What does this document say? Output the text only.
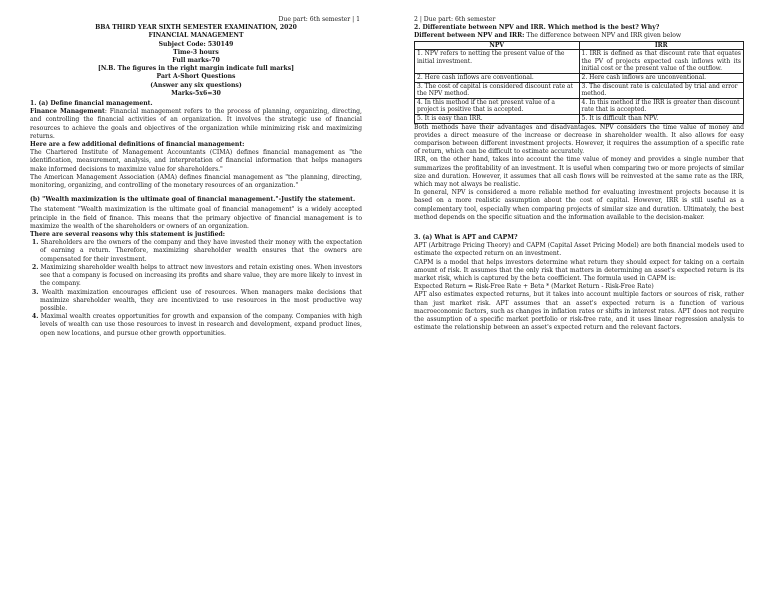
Due part: 6th semester | 1

BBA THIRD YEAR SIXTH SEMESTER EXAMINATION, 2020

FINANCIAL MANAGEMENT

Subject Code: 530149

Time-3 hours

Full marks-70

[N.B. The figures in the right margin indicate full marks]

Part A-Short Questions

(Answer any six questions)

Marks-5x6=30

1. (a) Define financial management.

Finance Management: Financial management refers to the process of planning, organizing, directing, and controlling the financial activities of an organization. It involves the strategic use of financial resources to achieve the goals and objectives of the organization while minimizing risk and maximizing returns.

Here are a few additional definitions of financial management:

The Chartered Institute of Management Accountants (CIMA) defines financial management as "the identification, measurement, analysis, and interpretation of financial information that helps managers make informed decisions to maximize value for shareholders."

The American Management Association (AMA) defines financial management as "the planning, directing, monitoring, organizing, and controlling of the monetary resources of an organization."

(b) "Wealth maximization is the ultimate goal of financial management."-Justify the statement.

The statement "Wealth maximization is the ultimate goal of financial management" is a widely accepted principle in the field of finance. This means that the primary objective of financial management is to maximize the wealth of the shareholders or owners of an organization.

There are several reasons why this statement is justified:

1. Shareholders are the owners of the company and they have invested their money with the expectation of earning a return. Therefore, maximizing shareholder wealth ensures that the owners are compensated for their investment.
2. Maximizing shareholder wealth helps to attract new investors and retain existing ones. When investors see that a company is focused on increasing its profits and share value, they are more likely to invest in the company.
3. Wealth maximization encourages efficient use of resources. When managers make decisions that maximize shareholder wealth, they are incentivized to use resources in the most productive way possible.
4. Maximal wealth creates opportunities for growth and expansion of the company. Companies with high levels of wealth can use those resources to invest in research and development, expand product lines, open new locations, and pursue other growth opportunities.

2 | Due part: 6th semester

2. Differentiate between NPV and IRR. Which method is the best? Why?

Different between NPV and IRR: The difference between NPV and IRR given below

NPV	IRR
1. NPV refers to netting the present value of the initial investment.	1. IRR is defined as that discount rate that equates the PV of projects expected cash inflows with its initial cost or the present value of the outflow.
2. Here cash inflows are conventional.	2. Here cash inflows are unconventional.
3. The cost of capital is considered discount rate at the NPV method.	3. The discount rate is calculated by trial and error method.
4. In this method if the net present value of a project is positive that is accepted.	4. In this method if the IRR is greater than discount rate that is accepted.
5. It is easy than IRR.	5. It is difficult than NPV.

Both methods have their advantages and disadvantages. NPV considers the time value of money and provides a direct measure of the increase or decrease in shareholder wealth. It also allows for easy comparison between different investment projects. However, it requires the assumption of a specific rate of return, which can be difficult to estimate accurately.

IRR, on the other hand, takes into account the time value of money and provides a single number that summarizes the profitability of an investment. It is useful when comparing two or more projects of similar size and duration. However, it assumes that all cash flows will be reinvested at the same rate as the IRR, which may not always be realistic.

In general, NPV is considered a more reliable method for evaluating investment projects because it is based on a more realistic assumption about the cost of capital. However, IRR is still useful as a complementary tool, especially when comparing projects of similar size and duration. Ultimately, the best method depends on the specific situation and the information available to the decision-maker.

3. (a) What is APT and CAPM?

APT (Arbitrage Pricing Theory) and CAPM (Capital Asset Pricing Model) are both financial models used to estimate the expected return on an investment.

CAPM is a model that helps investors determine what return they should expect for taking on a certain amount of risk. It assumes that the only risk that matters in determining an asset's expected return is its market risk, which is captured by the beta coefficient. The formula used in CAPM is:

Expected Return = Risk-Free Rate + Beta * (Market Return - Risk-Free Rate)

APT also estimates expected returns, but it takes into account multiple factors or sources of risk, rather than just market risk. APT assumes that an asset's expected return is a function of various macroeconomic factors, such as changes in inflation rates or shifts in interest rates. APT does not require the assumption of a specific market portfolio or risk-free rate, and it uses linear regression analysis to estimate the relationship between an asset's expected return and the relevant factors.
